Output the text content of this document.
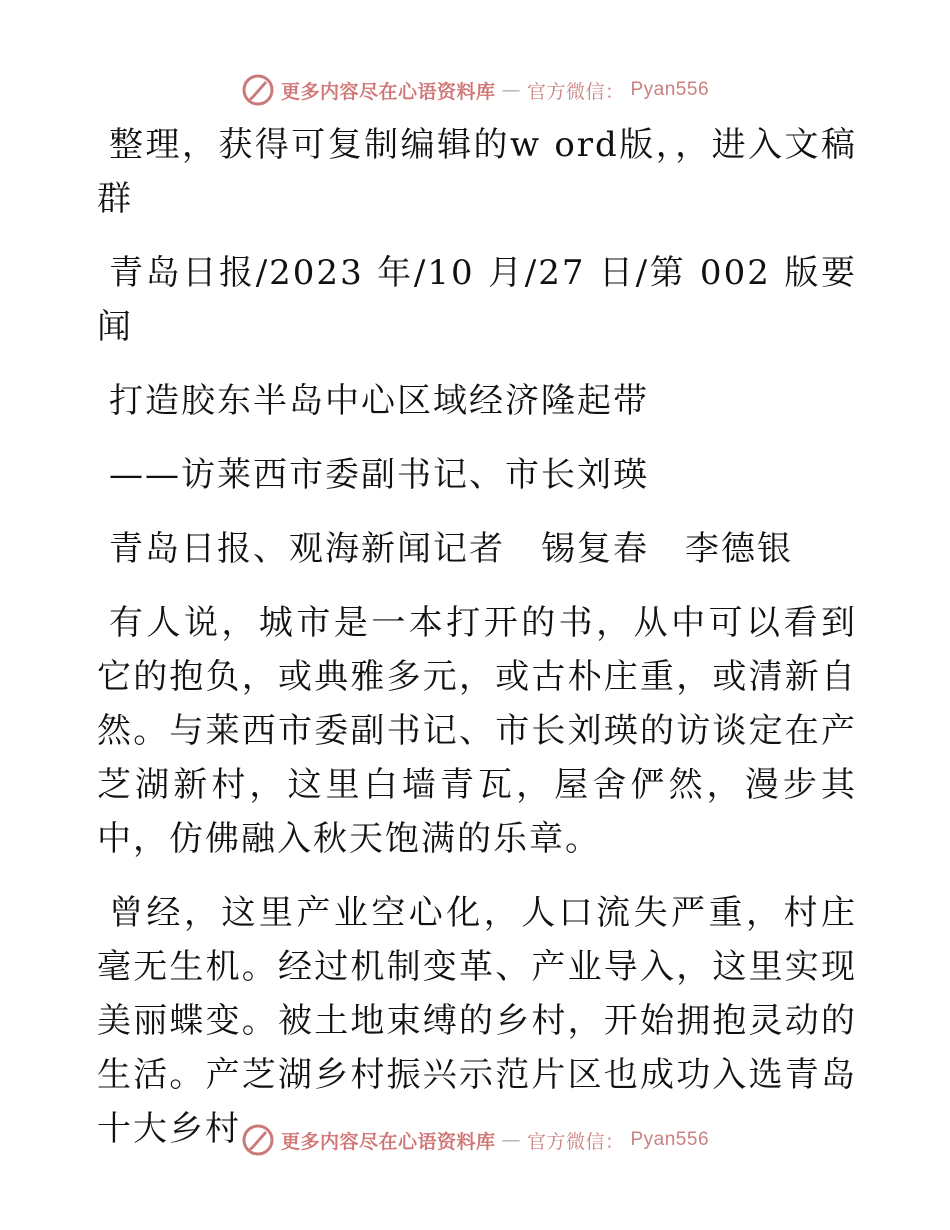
更多内容尽在心语资料库 — 官方微信： Pyan556

整理，获得可复制编辑的w ord版，，进入文稿群

青岛日报/2023 年/10 月/27 日/第 002 版要闻

打造胶东半岛中心区域经济隆起带

——访莱西市委副书记、市长刘瑛

青岛日报、观海新闻记者　锡复春　李德银

有人说，城市是一本打开的书，从中可以看到它的抱负，或典雅多元，或古朴庄重，或清新自然。与莱西市委副书记、市长刘瑛的访谈定在产芝湖新村，这里白墙青瓦，屋舍俨然，漫步其中，仿佛融入秋天饱满的乐章。

曾经，这里产业空心化，人口流失严重，村庄毫无生机。经过机制变革、产业导入，这里实现美丽蝶变。被土地束缚的乡村，开始拥抱灵动的生活。产芝湖乡村振兴示范片区也成功入选青岛十大乡村	更多内容尽在心语资料库 — 官方微信： Pyan556
